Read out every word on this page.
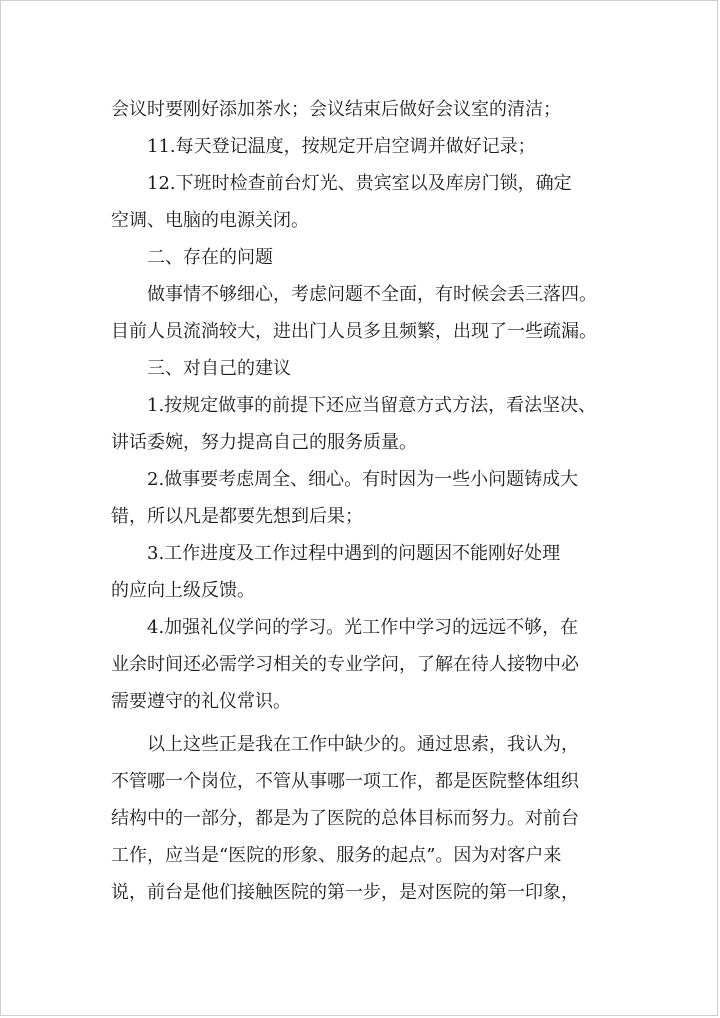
会议时要刚好添加茶水；会议结束后做好会议室的清洁；
11.每天登记温度，按规定开启空调并做好记录；
12.下班时检查前台灯光、贵宾室以及库房门锁，确定
空调、电脑的电源关闭。
二、存在的问题
做事情不够细心，考虑问题不全面，有时候会丢三落四。
目前人员流淌较大，进出门人员多且频繁，出现了一些疏漏。
三、对自己的建议
1.按规定做事的前提下还应当留意方式方法，看法坚决、
讲话委婉，努力提高自己的服务质量。
2.做事要考虑周全、细心。有时因为一些小问题铸成大
错，所以凡是都要先想到后果；
3.工作进度及工作过程中遇到的问题因不能刚好处理
的应向上级反馈。
4.加强礼仪学问的学习。光工作中学习的远远不够，在
业余时间还必需学习相关的专业学问，了解在待人接物中必
需要遵守的礼仪常识。
以上这些正是我在工作中缺少的。通过思索，我认为，
不管哪一个岗位，不管从事哪一项工作，都是医院整体组织
结构中的一部分，都是为了医院的总体目标而努力。对前台
工作，应当是“医院的形象、服务的起点”。因为对客户来
说，前台是他们接触医院的第一步，是对医院的第一印象，
